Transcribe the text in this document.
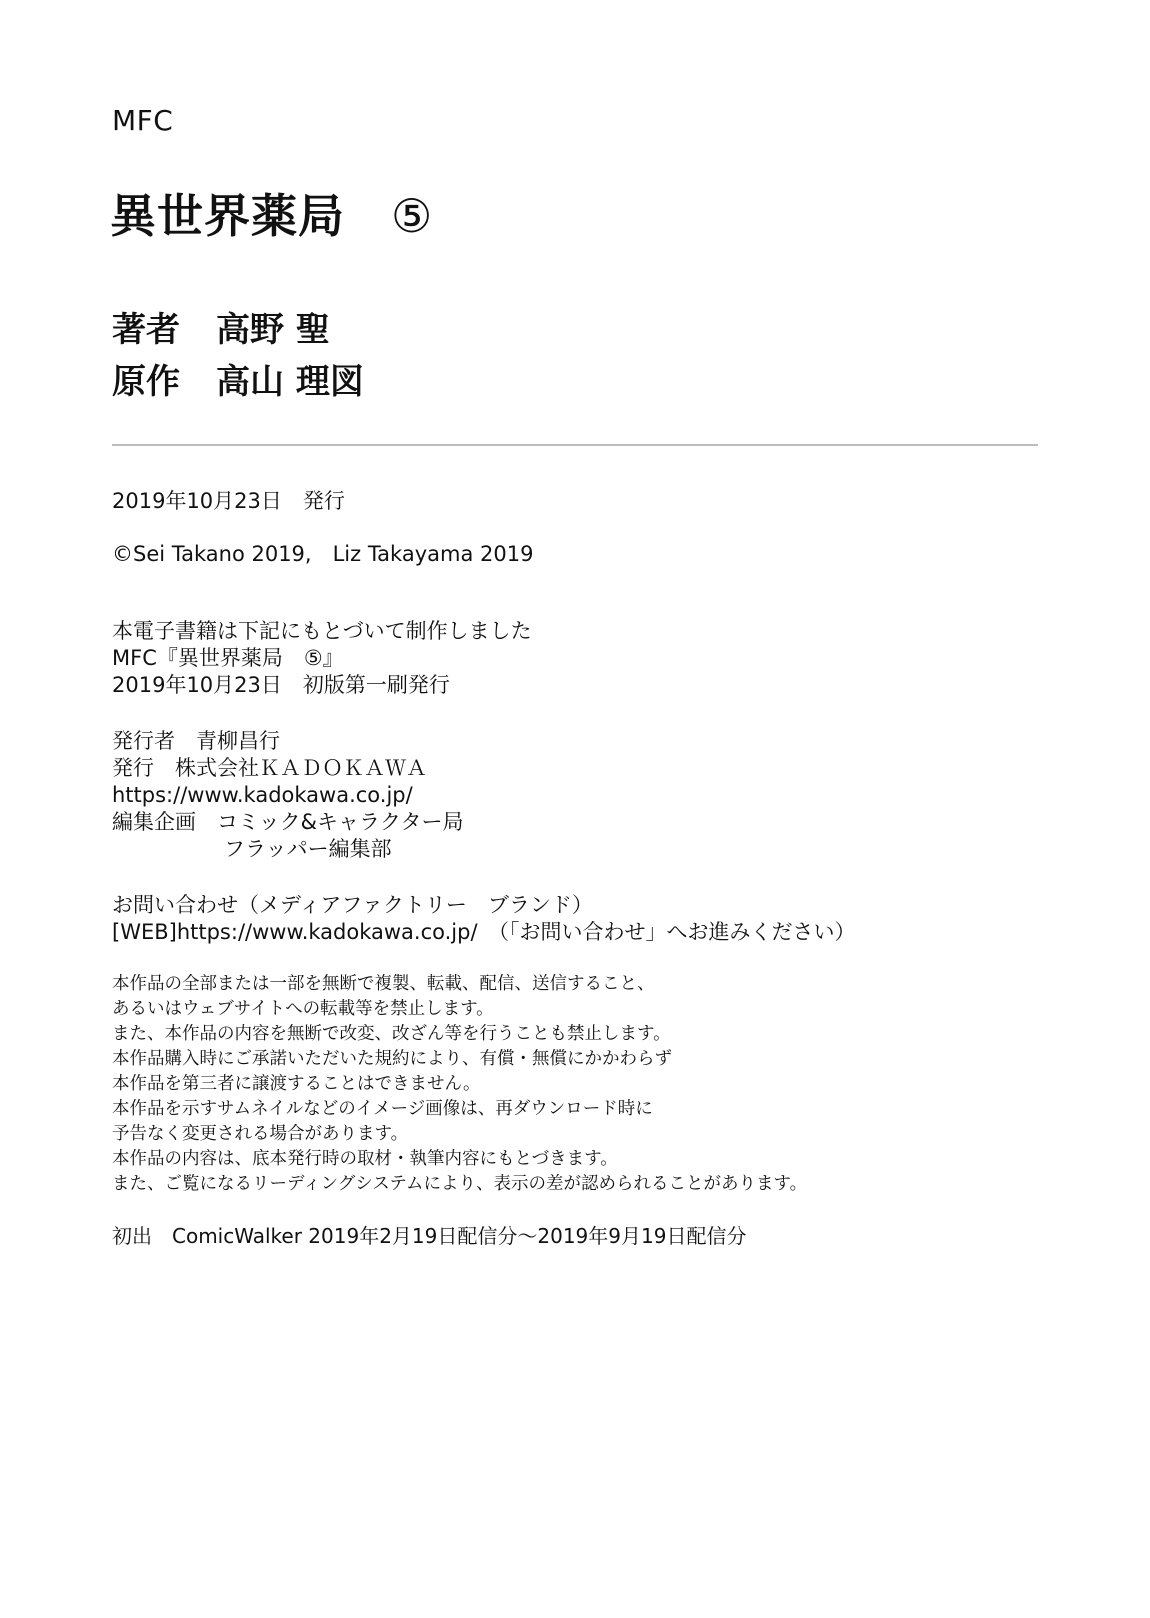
MFC
異世界薬局 ⑤
著者 高野 聖
原作 高山 理図
2019年10月23日　発行
©Sei Takano 2019,　Liz Takayama 2019
本電子書籍は下記にもとづいて制作しました
MFC『異世界薬局　⑤』
2019年10月23日　初版第一刷発行
発行者　青柳昌行
発行　株式会社ＫＡＤＯＫＡＷＡ
https://www.kadokawa.co.jp/
編集企画　コミック&キャラクター局
フラッパー編集部
お問い合わせ（メディアファクトリー　ブランド）
[WEB]https://www.kadokawa.co.jp/　（「お問い合わせ」へお進みください）
本作品の全部または一部を無断で複製、転載、配信、送信すること、
あるいはウェブサイトへの転載等を禁止します。
また、本作品の内容を無断で改変、改ざん等を行うことも禁止します。
本作品購入時にご承諾いただいた規約により、有償・無償にかかわらず
本作品を第三者に譲渡することはできません。
本作品を示すサムネイルなどのイメージ画像は、再ダウンロード時に
予告なく変更される場合があります。
本作品の内容は、底本発行時の取材・執筆内容にもとづきます。
また、ご覧になるリーディングシステムにより、表示の差が認められることがあります。
初出　ComicWalker 2019年2月19日配信分～2019年9月19日配信分
